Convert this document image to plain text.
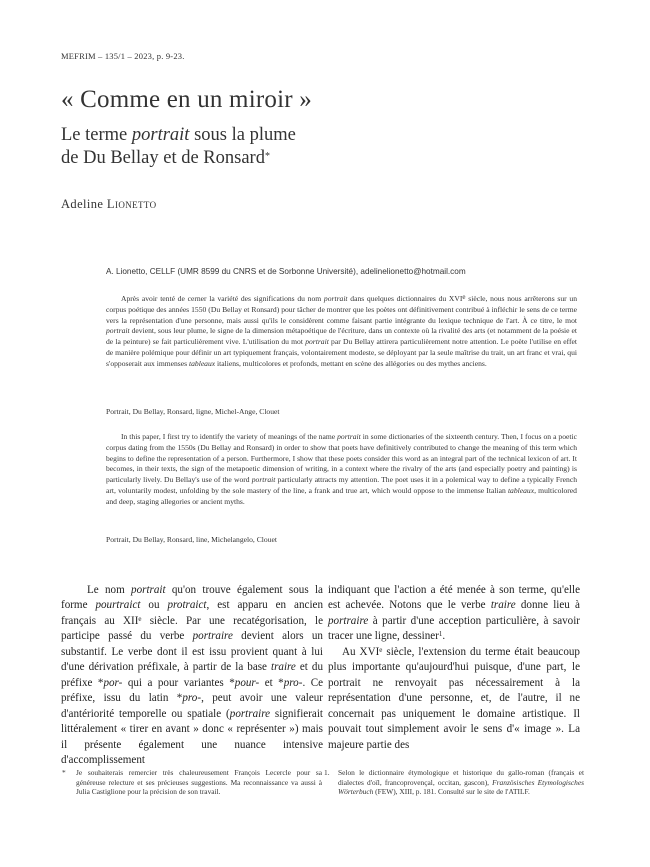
MEFRIM – 135/1 – 2023, p. 9-23.
« Comme en un miroir »
Le terme portrait sous la plume
de Du Bellay et de Ronsard*
Adeline Lionetto
A. Lionetto, CELLF (UMR 8599 du CNRS et de Sorbonne Université), adelinelionetto@hotmail.com
Après avoir tenté de cerner la variété des significations du nom portrait dans quelques dictionnaires du XVIe siècle, nous nous arrêterons sur un corpus poétique des années 1550 (Du Bellay et Ronsard) pour tâcher de montrer que les poètes ont définitivement contribué à infléchir le sens de ce terme vers la représentation d'une personne, mais aussi qu'ils le considèrent comme faisant partie intégrante du lexique technique de l'art. À ce titre, le mot portrait devient, sous leur plume, le signe de la dimension métapoétique de l'écriture, dans un contexte où la rivalité des arts (et notamment de la poésie et de la peinture) se fait particulièrement vive. L'utilisation du mot portrait par Du Bellay attirera particulièrement notre attention. Le poète l'utilise en effet de manière polémique pour définir un art typiquement français, volontairement modeste, se déployant par la seule maîtrise du trait, un art franc et vrai, qui s'opposerait aux immenses tableaux italiens, multicolores et profonds, mettant en scène des allégories ou des mythes anciens.
Portrait, Du Bellay, Ronsard, ligne, Michel-Ange, Clouet
In this paper, I first try to identify the variety of meanings of the name portrait in some dictionaries of the sixteenth century. Then, I focus on a poetic corpus dating from the 1550s (Du Bellay and Ronsard) in order to show that poets have definitively contributed to change the meaning of this term which begins to define the representation of a person. Furthermore, I show that these poets consider this word as an integral part of the technical lexicon of art. It becomes, in their texts, the sign of the metapoetic dimension of writing, in a context where the rivalry of the arts (and especially poetry and painting) is particularly lively. Du Bellay's use of the word portrait particularly attracts my attention. The poet uses it in a polemical way to define a typically French art, voluntarily modest, unfolding by the sole mastery of the line, a frank and true art, which would oppose to the immense Italian tableaux, multicolored and deep, staging allegories or ancient myths.
Portrait, Du Bellay, Ronsard, line, Michelangelo, Clouet
Le nom portrait qu'on trouve également sous la forme pourtraict ou protraict, est apparu en ancien français au XIIe siècle. Par une recatégorisation, le participe passé du verbe portraire devient alors un substantif. Le verbe dont il est issu provient quant à lui d'une dérivation préfixale, à partir de la base traire et du préfixe *por- qui a pour variantes *pour- et *pro-. Ce préfixe, issu du latin *pro-, peut avoir une valeur d'antériorité temporelle ou spatiale (portraire signifierait littéralement « tirer en avant » donc « représenter ») mais il présente également une nuance intensive d'accomplissement

indiquant que l'action a été menée à son terme, qu'elle est achevée. Notons que le verbe traire donne lieu à portraire à partir d'une acception particulière, à savoir tracer une ligne, dessiner$^1$.

Au XVIe siècle, l'extension du terme était beaucoup plus importante qu'aujourd'hui puisque, d'une part, le portrait ne renvoyait pas nécessairement à la représentation d'une personne, et, de l'autre, il ne concernait pas uniquement le domaine artistique. Il pouvait tout simplement avoir le sens d'« image ». La majeure partie des

* Je souhaiterais remercier très chaleureusement François Lecercle pour sa généreuse relecture et ses précieuses suggestions. Ma reconnaissance va aussi à Julia Castiglione pour la précision de son travail.
1. Selon le dictionnaire étymologique et historique du gallo-roman (français et dialectes d'oïl, francoprovençal, occitan, gascon), Französisches Etymologisches Wörterbuch (FEW), XIII, p. 181. Consulté sur le site de l'ATILF.
